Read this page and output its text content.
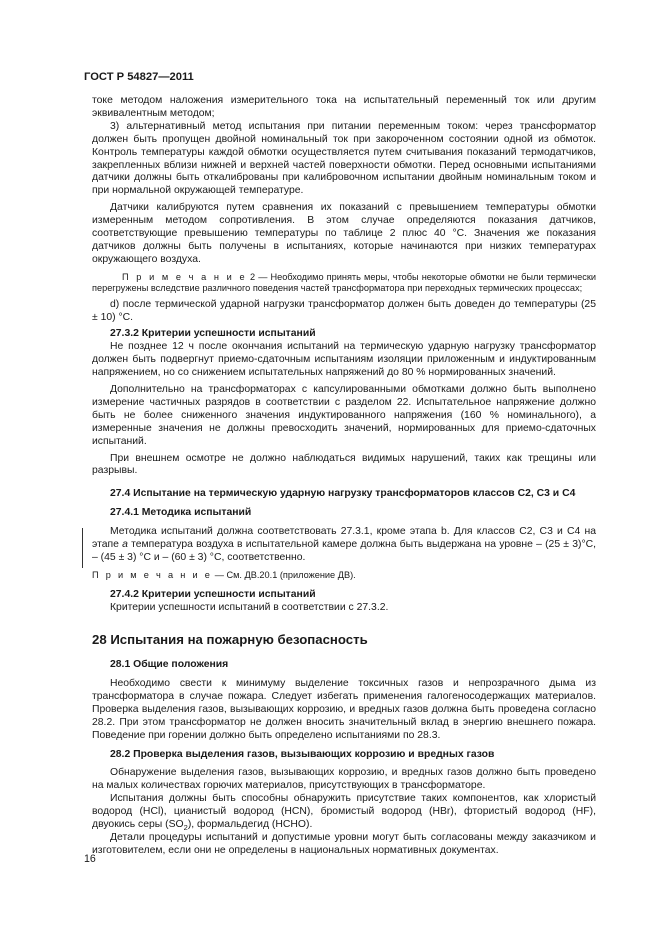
ГОСТ Р 54827—2011

токе методом наложения измерительного тока на испытательный переменный ток или другим эквивалентным методом;

3) альтернативный метод испытания при питании переменным током: через трансформатор должен быть пропущен двойной номинальный ток при закороченном состоянии одной из обмоток. Контроль температуры каждой обмотки осуществляется путем считывания показаний термодатчиков, закрепленных вблизи нижней и верхней частей поверхности обмотки. Перед основными испытаниями датчики должны быть откалиброваны при калибровочном испытании двойным номинальным током и при нормальной окружающей температуре.

Датчики калибруются путем сравнения их показаний с превышением температуры обмотки измеренным методом сопротивления. В этом случае определяются показания датчиков, соответствующие превышению температуры по таблице 2 плюс 40 °С. Значения же показания датчиков должны быть получены в испытаниях, которые начинаются при низких температурах окружающего воздуха.

П р и м е ч а н и е 2 — Необходимо принять меры, чтобы некоторые обмотки не были термически перегружены вследствие различного поведения частей трансформатора при переходных термических процессах;

d) после термической ударной нагрузки трансформатор должен быть доведен до температуры (25 ± 10) °С.

27.3.2 Критерии успешности испытаний

Не позднее 12 ч после окончания испытаний на термическую ударную нагрузку трансформатор должен быть подвергнут приемо-сдаточным испытаниям изоляции приложенным и индуктированным напряжением, но со снижением испытательных напряжений до 80 % нормированных значений.

Дополнительно на трансформаторах с капсулированными обмотками должно быть выполнено измерение частичных разрядов в соответствии с разделом 22. Испытательное напряжение должно быть не более сниженного значения индуктированного напряжения (160 % номинального), а измеренные значения не должны превосходить значений, нормированных для приемо-сдаточных испытаний.

При внешнем осмотре не должно наблюдаться видимых нарушений, таких как трещины или разрывы.

27.4 Испытание на термическую ударную нагрузку трансформаторов классов С2, С3 и С4

27.4.1 Методика испытаний

Методика испытаний должна соответствовать 27.3.1, кроме этапа b. Для классов С2, С3 и С4 на этапе а температура воздуха в испытательной камере должна быть выдержана на уровне – (25 ± 3)°С, – (45 ± 3) °С и – (60 ± 3) °С, соответственно.

П р и м е ч а н и е — См. ДВ.20.1 (приложение ДВ).

27.4.2 Критерии успешности испытаний

Критерии успешности испытаний в соответствии с 27.3.2.

28 Испытания на пожарную безопасность

28.1 Общие положения

Необходимо свести к минимуму выделение токсичных газов и непрозрачного дыма из трансформатора в случае пожара. Следует избегать применения галогеносодержащих материалов. Проверка выделения газов, вызывающих коррозию, и вредных газов должна быть проведена согласно 28.2. При этом трансформатор не должен вносить значительный вклад в энергию внешнего пожара. Поведение при горении должно быть определено испытаниями по 28.3.

28.2 Проверка выделения газов, вызывающих коррозию и вредных газов

Обнаружение выделения газов, вызывающих коррозию, и вредных газов должно быть проведено на малых количествах горючих материалов, присутствующих в трансформаторе.

Испытания должны быть способны обнаружить присутствие таких компонентов, как хлористый водород (HCl), цианистый водород (HCN), бромистый водород (HBr), фтористый водород (HF), двуокись серы $(SO_2)$, формальдегид (HCHO).

Детали процедуры испытаний и допустимые уровни могут быть согласованы между заказчиком и изготовителем, если они не определены в национальных нормативных документах.

16
